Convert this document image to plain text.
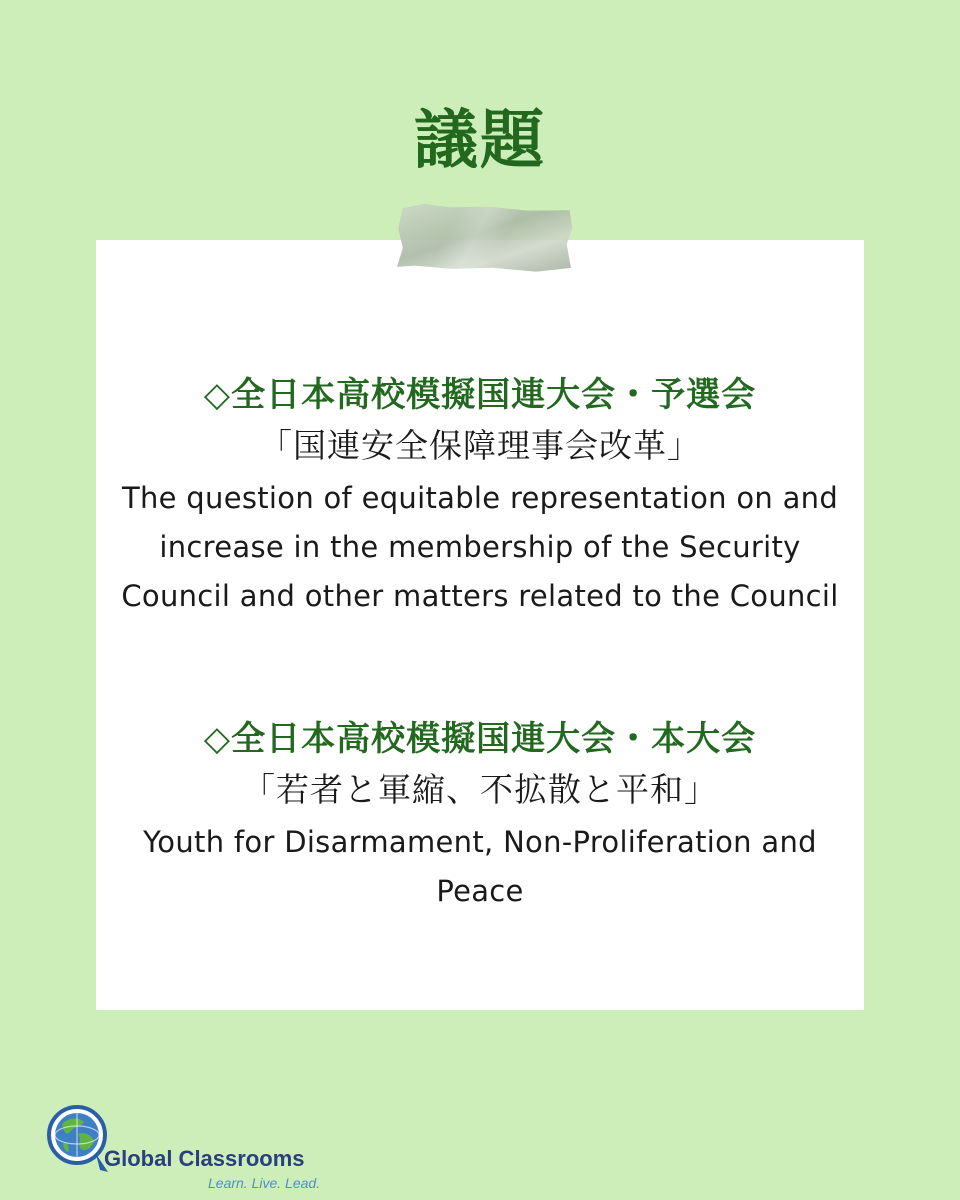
議題
◇全日本高校模擬国連大会・予選会
「国連安全保障理事会改革」
The question of equitable representation on and increase in the membership of the Security Council and other matters related to the Council
◇全日本高校模擬国連大会・本大会
「若者と軍縮、不拡散と平和」
Youth for Disarmament, Non-Proliferation and Peace
Global Classrooms
Learn. Live. Lead.
